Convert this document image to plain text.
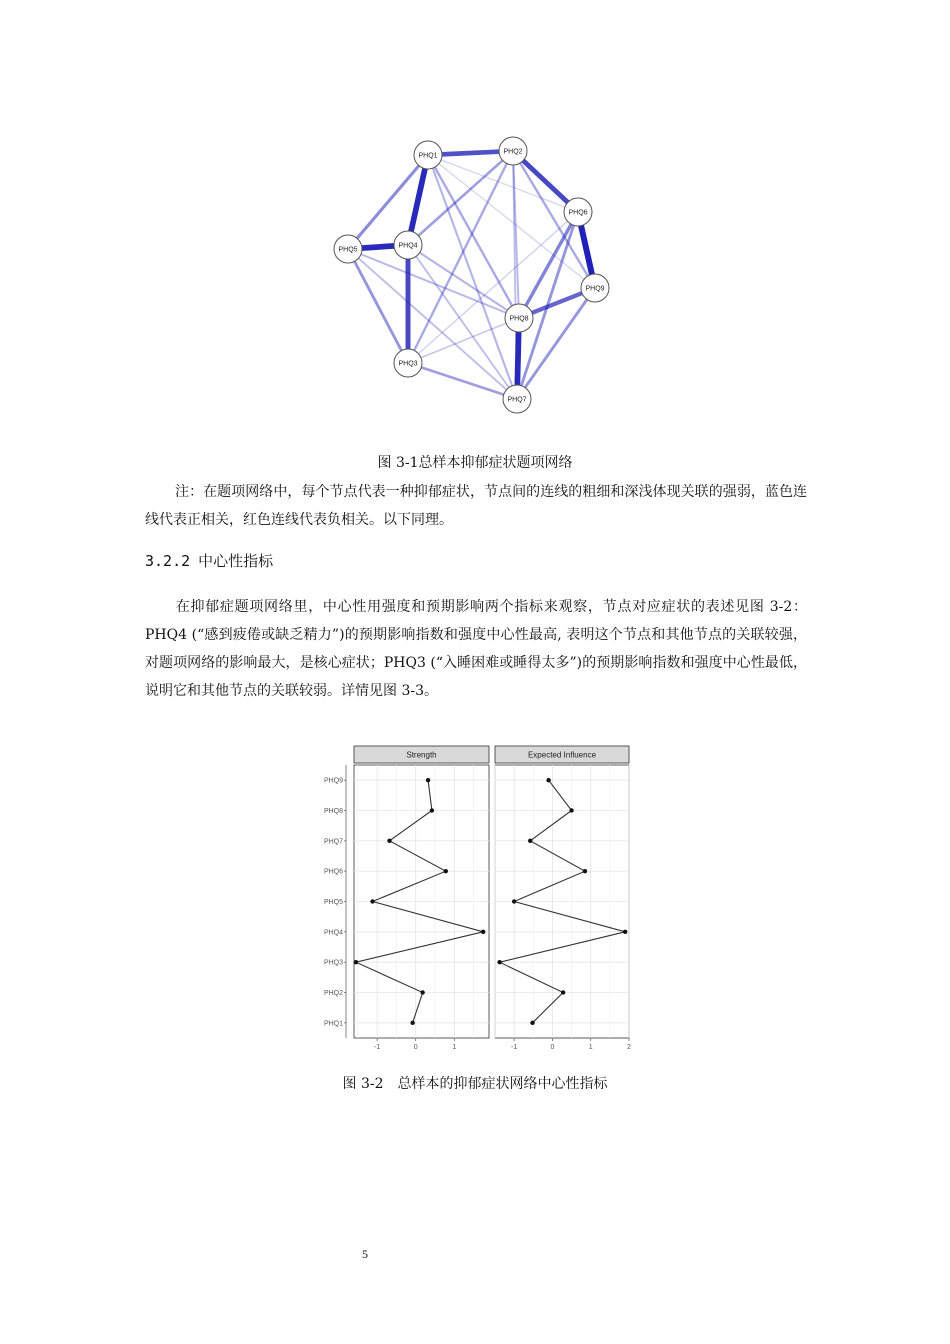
PHQ1
PHQ2
PHQ3
PHQ4
PHQ5
PHQ6
PHQ7
PHQ8
PHQ9
图 3-1总样本抑郁症状题项网络
注：在题项网络中，每个节点代表一种抑郁症状，节点间的连线的粗细和深浅体现关联的强弱，蓝色连线代表正相关，红色连线代表负相关。以下同理。
3.2.2 中心性指标
在抑郁症题项网络里，中心性用强度和预期影响两个指标来观察，节点对应症状的表述见图 3-2：PHQ4 (“感到疲倦或缺乏精力”)的预期影响指数和强度中心性最高, 表明这个节点和其他节点的关联较强，对题项网络的影响最大，是核心症状；PHQ3 (“入睡困难或睡得太多”)的预期影响指数和强度中心性最低，说明它和其他节点的关联较弱。详情见图 3-3。
PHQ1
PHQ2
PHQ3
PHQ4
PHQ5
PHQ6
PHQ7
PHQ8
PHQ9
Strength
-1	0	1
Expected Influence
-1	0	1	2
图 3-2　总样本的抑郁症状网络中心性指标
5
